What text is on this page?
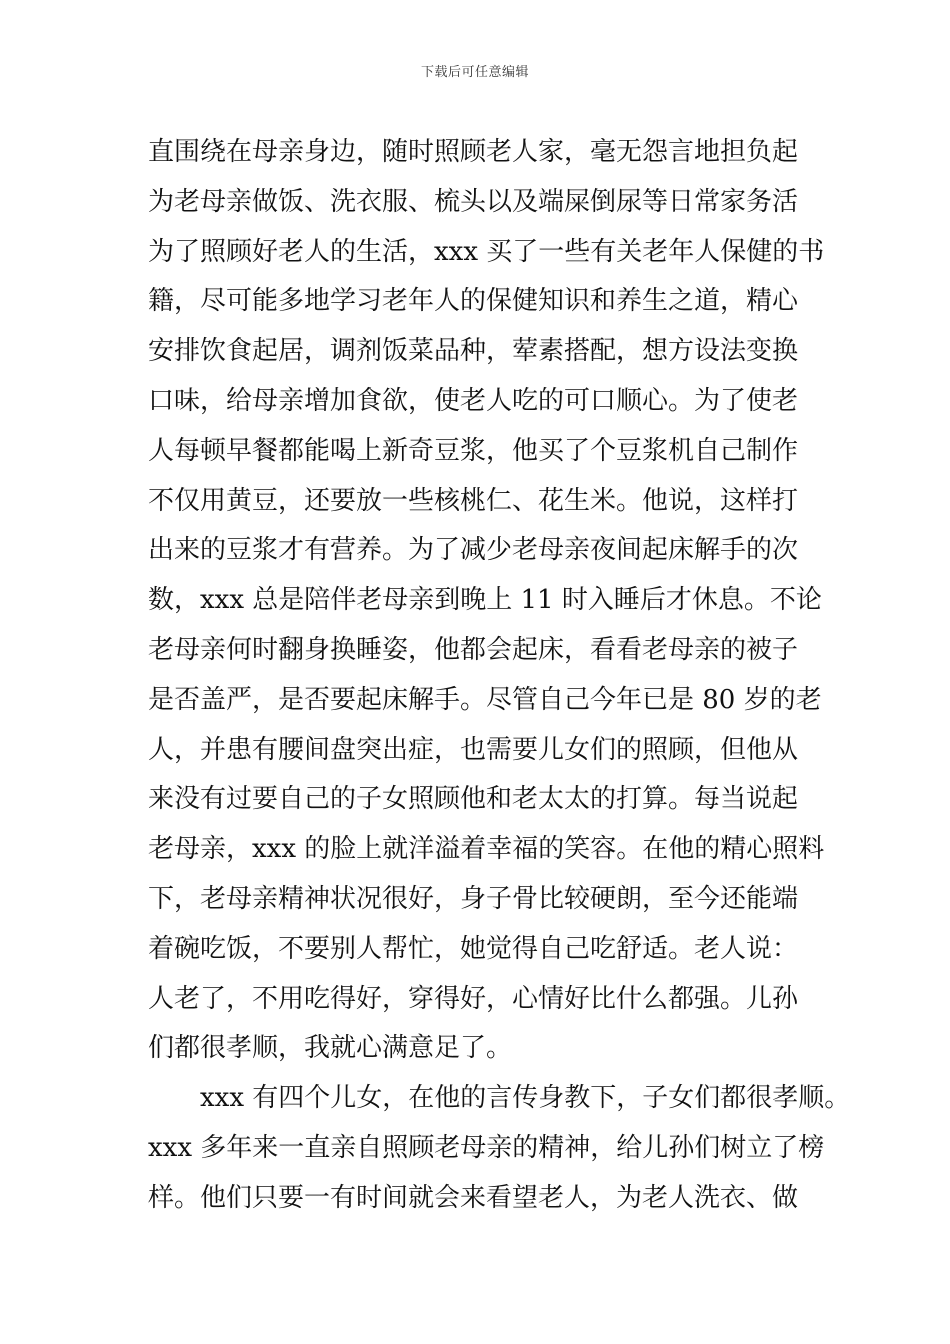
下载后可任意编辑
直围绕在母亲身边，随时照顾老人家，毫无怨言地担负起
为老母亲做饭、洗衣服、梳头以及端屎倒尿等日常家务活
为了照顾好老人的生活，xxx 买了一些有关老年人保健的书
籍，尽可能多地学习老年人的保健知识和养生之道，精心
安排饮食起居，调剂饭菜品种，荤素搭配，想方设法变换
口味，给母亲增加食欲，使老人吃的可口顺心。为了使老
人每顿早餐都能喝上新奇豆浆，他买了个豆浆机自己制作
不仅用黄豆，还要放一些核桃仁、花生米。他说，这样打
出来的豆浆才有营养。为了减少老母亲夜间起床解手的次
数，xxx 总是陪伴老母亲到晚上 11 时入睡后才休息。不论
老母亲何时翻身换睡姿，他都会起床，看看老母亲的被子
是否盖严，是否要起床解手。尽管自己今年已是 80 岁的老
人，并患有腰间盘突出症，也需要儿女们的照顾，但他从
来没有过要自己的子女照顾他和老太太的打算。每当说起
老母亲，xxx 的脸上就洋溢着幸福的笑容。在他的精心照料
下，老母亲精神状况很好，身子骨比较硬朗，至今还能端
着碗吃饭，不要别人帮忙，她觉得自己吃舒适。老人说：
人老了，不用吃得好，穿得好，心情好比什么都强。儿孙
们都很孝顺，我就心满意足了。
xxx 有四个儿女，在他的言传身教下，子女们都很孝顺。
xxx 多年来一直亲自照顾老母亲的精神，给儿孙们树立了榜
样。他们只要一有时间就会来看望老人，为老人洗衣、做
